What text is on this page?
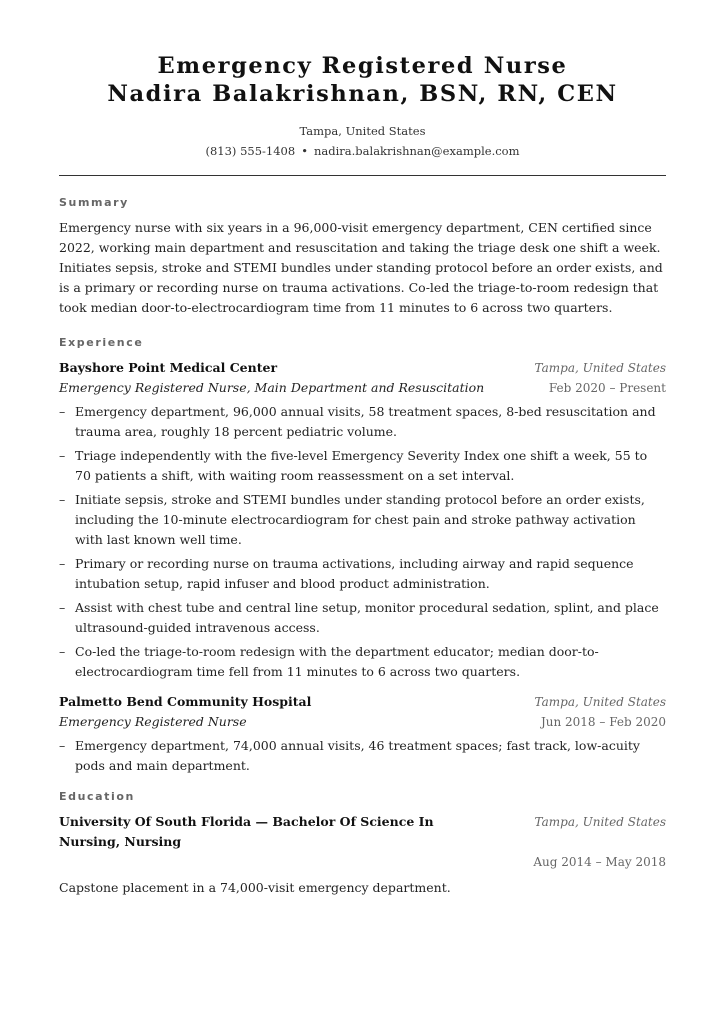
Emergency Registered Nurse
Nadira Balakrishnan, BSN, RN, CEN
Tampa, United States
(813) 555-1408 • nadira.balakrishnan@example.com
Summary

Emergency nurse with six years in a 96,000-visit emergency department, CEN certified since 2022, working main department and resuscitation and taking the triage desk one shift a week. Initiates sepsis, stroke and STEMI bundles under standing protocol before an order exists, and is a primary or recording nurse on trauma activations. Co-led the triage-to-room redesign that took median door-to-electrocardiogram time from 11 minutes to 6 across two quarters.

Experience
Bayshore Point Medical Center	Tampa, United States
Emergency Registered Nurse, Main Department and Resuscitation	Feb 2020 – Present
– Emergency department, 96,000 annual visits, 58 treatment spaces, 8-bed resuscitation and trauma area, roughly 18 percent pediatric volume.
– Triage independently with the five-level Emergency Severity Index one shift a week, 55 to 70 patients a shift, with waiting room reassessment on a set interval.
– Initiate sepsis, stroke and STEMI bundles under standing protocol before an order exists, including the 10-minute electrocardiogram for chest pain and stroke pathway activation with last known well time.
– Primary or recording nurse on trauma activations, including airway and rapid sequence intubation setup, rapid infuser and blood product administration.
– Assist with chest tube and central line setup, monitor procedural sedation, splint, and place ultrasound-guided intravenous access.
– Co-led the triage-to-room redesign with the department educator; median door-to-electrocardiogram time fell from 11 minutes to 6 across two quarters.
Palmetto Bend Community Hospital	Tampa, United States
Emergency Registered Nurse	Jun 2018 – Feb 2020
– Emergency department, 74,000 annual visits, 46 treatment spaces; fast track, low-acuity pods and main department.
Education
University Of South Florida — Bachelor Of Science In Nursing, Nursing
Tampa, United States
Aug 2014 – May 2018
Capstone placement in a 74,000-visit emergency department.
